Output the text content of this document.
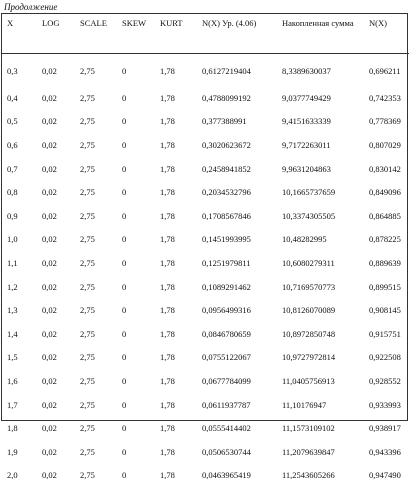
Продолжение
X	LOG	SCALE	SKEW	KURT	N(X) Ур. (4.06)	Накопленная сумма	N(X)
0,3	0,02	2,75	0	1,78	0,6127219404	8,3389630037	0,696211
0,4	0,02	2,75	0	1,78	0,4788099192	9,0377749429	0,742353
0,5	0,02	2,75	0	1,78	0,377388991	9,4151633339	0,778369
0,6	0,02	2,75	0	1,78	0,3020623672	9,7172263011	0,807029
0,7	0,02	2,75	0	1,78	0,2458941852	9,9631204863	0,830142
0,8	0,02	2,75	0	1,78	0,2034532796	10,1665737659	0,849096
0,9	0,02	2,75	0	1,78	0,1708567846	10,3374305505	0,864885
1,0	0,02	2,75	0	1,78	0,1451993995	10,48282995	0,878225
1,1	0,02	2,75	0	1,78	0,1251979811	10,6080279311	0,889639
1,2	0,02	2,75	0	1,78	0,1089291462	10,7169570773	0,899515
1,3	0,02	2,75	0	1,78	0,0956499316	10,8126070089	0,908145
1,4	0,02	2,75	0	1,78	0,0846780659	10,8972850748	0,915751
1,5	0,02	2,75	0	1,78	0,0755122067	10,9727972814	0,922508
1,6	0,02	2,75	0	1,78	0,0677784099	11,0405756913	0,928552
1,7	0,02	2,75	0	1,78	0,0611937787	11,10176947	0,933993
1,8	0,02	2,75	0	1,78	0,0555414402	11,1573109102	0,938917
1,9	0,02	2,75	0	1,78	0,0506530744	11,2079639847	0,943396
2,0	0,02	2,75	0	1,78	0,0463965419	11,2543605266	0,947490
